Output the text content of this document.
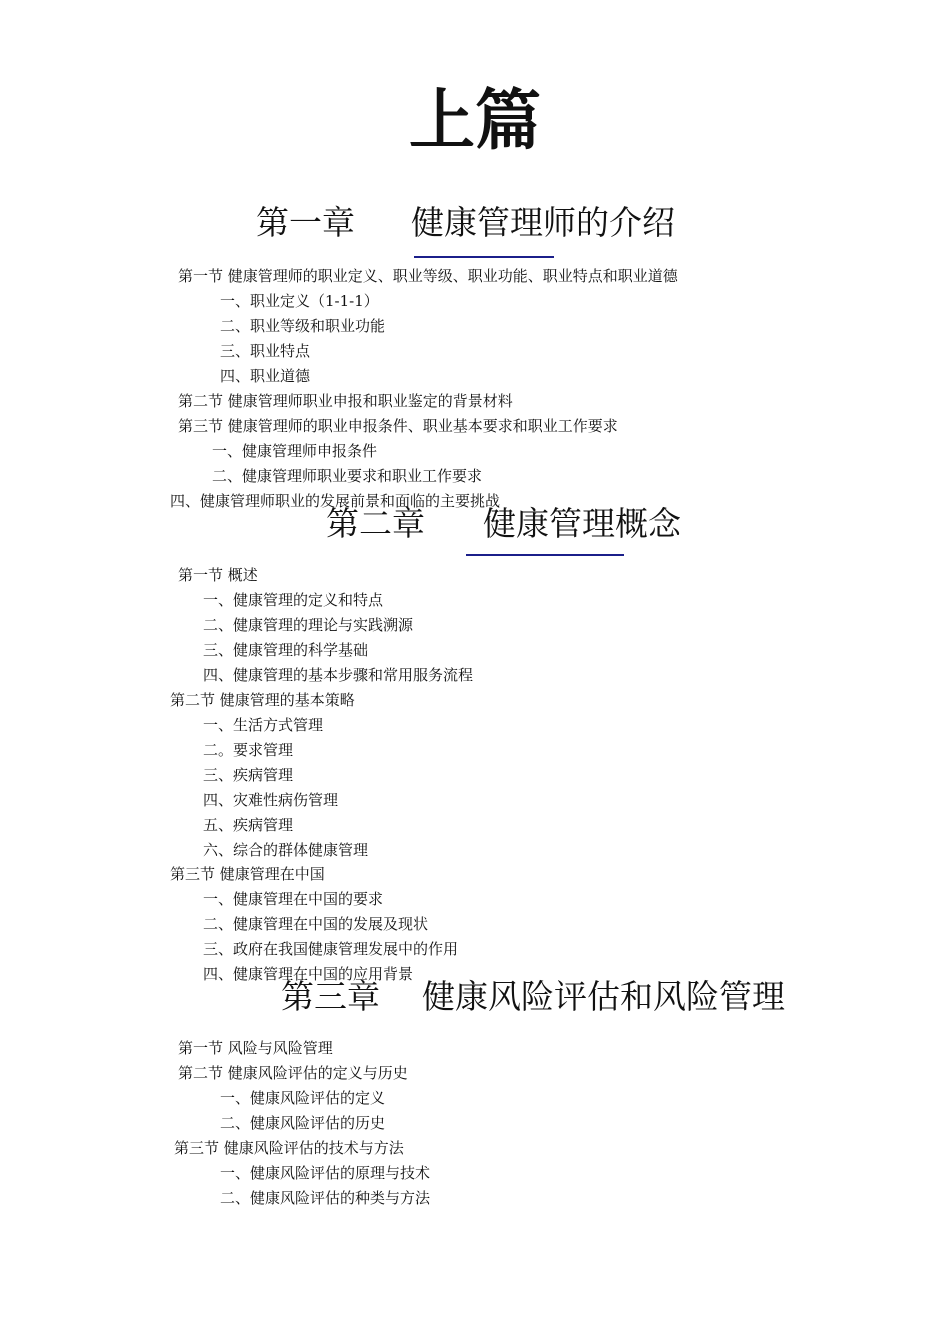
上篇
第一章 健康管理师的介绍
第一节 健康管理师的职业定义、职业等级、职业功能、职业特点和职业道德
一、职业定义（1-1-1）
二、职业等级和职业功能
三、职业特点
四、职业道德
第二节 健康管理师职业申报和职业鉴定的背景材料
第三节 健康管理师的职业申报条件、职业基本要求和职业工作要求
一、健康管理师申报条件
二、健康管理师职业要求和职业工作要求
四、健康管理师职业的发展前景和面临的主要挑战
第二章 健康管理概念
第一节 概述
一、健康管理的定义和特点
二、健康管理的理论与实践溯源
三、健康管理的科学基础
四、健康管理的基本步骤和常用服务流程
第二节 健康管理的基本策略
一、生活方式管理
二。要求管理
三、疾病管理
四、灾难性病伤管理
五、疾病管理
六、综合的群体健康管理
第三节 健康管理在中国
一、健康管理在中国的要求
二、健康管理在中国的发展及现状
三、政府在我国健康管理发展中的作用
四、健康管理在中国的应用背景
第三章 健康风险评估和风险管理
第一节 风险与风险管理
第二节 健康风险评估的定义与历史
一、健康风险评估的定义
二、健康风险评估的历史
第三节 健康风险评估的技术与方法
一、健康风险评估的原理与技术
二、健康风险评估的种类与方法
